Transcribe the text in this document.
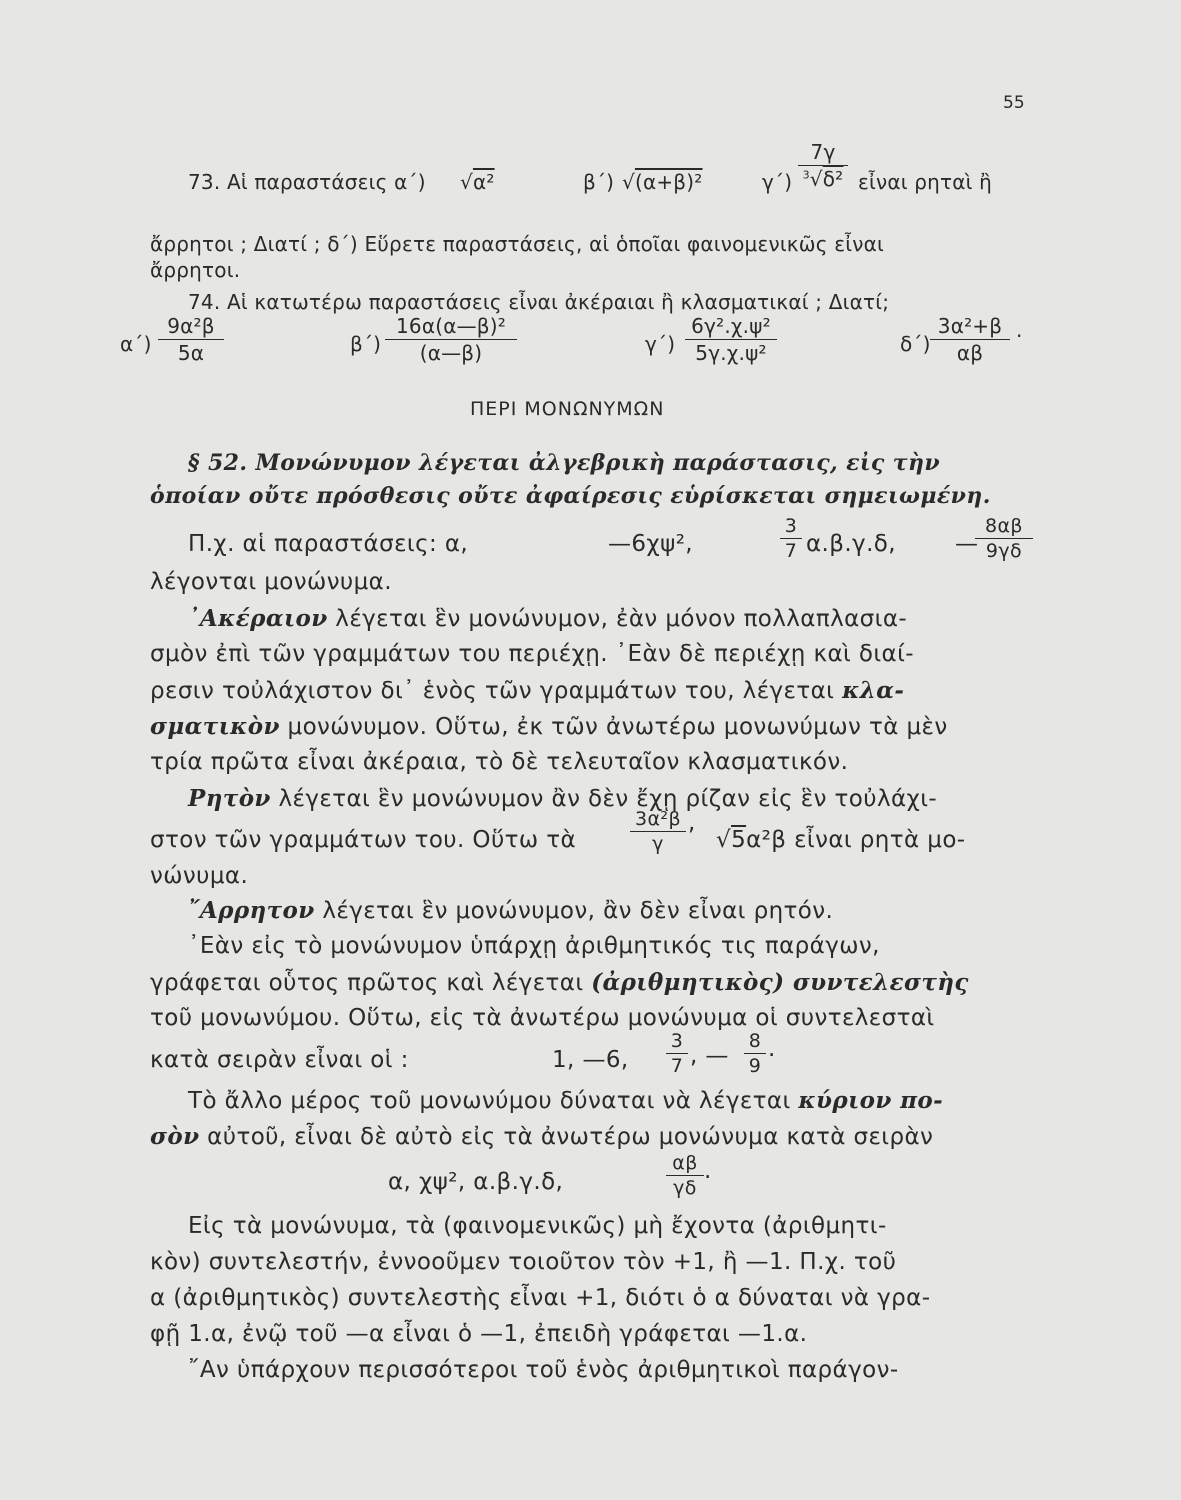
55
73. Αἱ παραστάσεις α΄) √α²	β΄) √(α+β)²	$\gamma΄) \frac{7\gamma}{^3√\delta^2}$ εἶναι ρηταὶ ἢ
ἄρρητοι ; Διατί ; δ΄) Εὕρετε παραστάσεις, αἱ ὁποῖαι φαινομενικῶς εἶναι
ἄρρητοι.
74. Αἱ κατωτέρω παραστάσεις εἶναι ἀκέραιαι ἢ κλασματικαί ; Διατί;
$\alpha΄) \frac{\text{9α²β}}{5\alpha}$	$\beta΄) \frac{\text{16α(α—β)²}}{(\alpha—\beta)}$	$\gamma΄) \frac{\text{6γ².χ.ψ²}}{\text{5γ.χ.ψ²}}$	$\delta΄) \frac{\text{3α²+β}}{\alpha\beta}$ .
ΠΕΡΙ ΜΟΝΩΝΥΜΩΝ
§ 52. Μονώνυμον λέγεται ἀλγεβρικὴ παράστασις, εἰς τὴν
ὁποίαν οὔτε πρόσθεσις οὔτε ἀφαίρεσις εὑρίσκεται σημειωμένη.
Π.χ. αἱ παραστάσεις: α,	—6χψ²,	$\frac{3}{7} \alpha.\beta.\gamma.\delta$,	—
$\frac{8\alpha\beta}{9\gamma\delta}$
λέγονται μονώνυμα.
᾿Ακέραιον λέγεται ἓν μονώνυμον, ἐὰν μόνον πολλαπλασια-
σμὸν ἐπὶ τῶν γραμμάτων του περιέχῃ. ᾿Εὰν δὲ περιέχῃ καὶ διαί-
ρεσιν τοὐλάχιστον δι᾿ ἑνὸς τῶν γραμμάτων του, λέγεται κλα-
σματικὸν μονώνυμον. Οὕτω, ἐκ τῶν ἀνωτέρω μονωνύμων τὰ μὲν
τρία πρῶτα εἶναι ἀκέραια, τὸ δὲ τελευταῖον κλασματικόν.
Ρητὸν λέγεται ἓν μονώνυμον ἂν δὲν ἔχῃ ρίζαν εἰς ἓν τοὐλάχι-
στον τῶν γραμμάτων του. Οὕτω τὰ	$\frac{\text{3α²β}}{\gamma}$ ,
√5α²β εἶναι ρητὰ μο-
νώνυμα.
῎Αρρητον λέγεται ἓν μονώνυμον, ἂν δὲν εἶναι ρητόν.
᾿Εὰν εἰς τὸ μονώνυμον ὑπάρχῃ ἀριθμητικός τις παράγων,
γράφεται οὗτος πρῶτος καὶ λέγεται (ἀριθμητικὸς) συντελεστὴς
τοῦ μονωνύμου. Οὕτω, εἰς τὰ ἀνωτέρω μονώνυμα οἱ συντελεσταὶ
κατὰ σειρὰν εἶναι οἱ :	1, —6, $\frac{3}{7}$ , — $\frac{8}{9}$ .
Τὸ ἄλλο μέρος τοῦ μονωνύμου δύναται νὰ λέγεται κύριον πο-
σὸν αὐτοῦ, εἶναι δὲ αὐτὸ εἰς τὰ ἀνωτέρω μονώνυμα κατὰ σειρὰν
α, χψ², α.β.γ.δ,	$\frac{\alpha\beta}{\gamma\delta}$ .
Εἰς τὰ μονώνυμα, τὰ (φαινομενικῶς) μὴ ἔχοντα (ἀριθμητι-
κὸν) συντελεστήν, ἐννοοῦμεν τοιοῦτον τὸν +1, ἢ —1. Π.χ. τοῦ
α (ἀριθμητικὸς) συντελεστὴς εἶναι +1, διότι ὁ α δύναται νὰ γρα-
φῇ 1.α, ἐνῷ τοῦ —α εἶναι ὁ —1, ἐπειδὴ γράφεται —1.α.
῎Αν ὑπάρχουν περισσότεροι τοῦ ἑνὸς ἀριθμητικοὶ παράγον-
